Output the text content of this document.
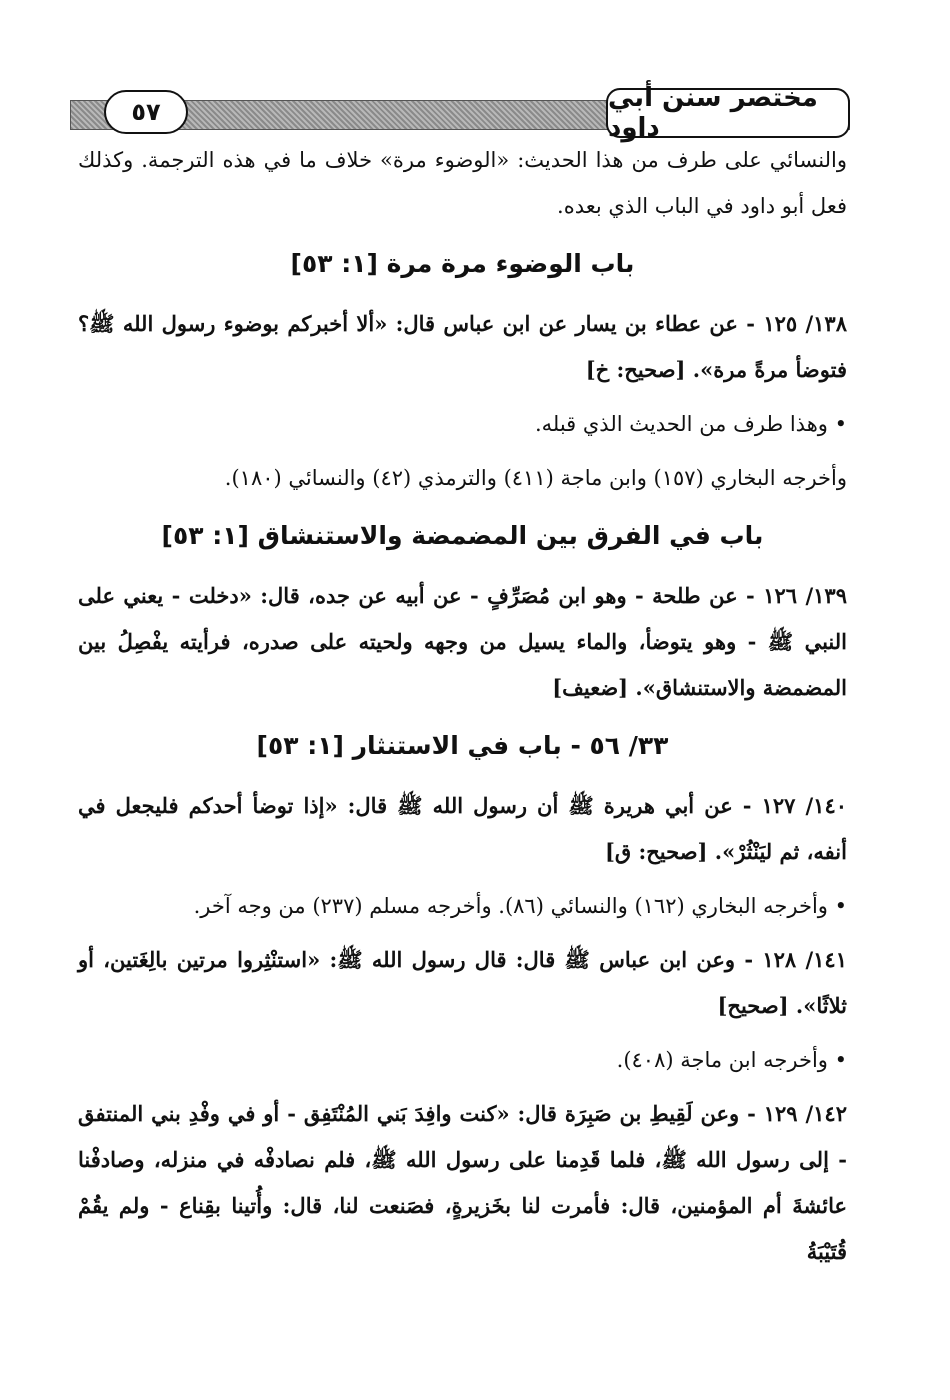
مختصر سنن أبي داود
٥٧

والنسائي على طرف من هذا الحديث: «الوضوء مرة» خلاف ما في هذه الترجمة. وكذلك فعل أبو داود في الباب الذي بعده.

باب الوضوء مرة مرة [١: ٥٣]

١٣٨/ ١٢٥ - عن عطاء بن يسار عن ابن عباس قال: «ألا أخبركم بوضوء رسول الله ﷺ؟ فتوضأ مرةً مرة». [صحيح: خ]

• وهذا طرف من الحديث الذي قبله.

وأخرجه البخاري (١٥٧) وابن ماجة (٤١١) والترمذي (٤٢) والنسائي (١٨٠).

باب في الفرق بين المضمضة والاستنشاق [١: ٥٣]

١٣٩/ ١٢٦ - عن طلحة - وهو ابن مُصَرِّفٍ - عن أبيه عن جده، قال: «دخلت - يعني على النبي ﷺ - وهو يتوضأ، والماء يسيل من وجهه ولحيته على صدره، فرأيته يفْصِلُ بين المضمضة والاستنشاق». [ضعيف]

٣٣/ ٥٦ - باب في الاستنثار [١: ٥٣]

١٤٠/ ١٢٧ - عن أبي هريرة ﷺ أن رسول الله ﷺ قال: «إذا توضأ أحدكم فليجعل في أنفه، ثم ليَنْثُرْ». [صحيح: ق]

• وأخرجه البخاري (١٦٢) والنسائي (٨٦). وأخرجه مسلم (٢٣٧) من وجه آخر.

١٤١/ ١٢٨ - وعن ابن عباس ﷺ قال: قال رسول الله ﷺ: «استنْثِروا مرتين بالِغَتين، أو ثلاثًا». [صحيح]

• وأخرجه ابن ماجة (٤٠٨).

١٤٢/ ١٢٩ - وعن لَقِيطِ بن صَبِرَة قال: «كنت وافِدَ بَني المُنْتَفِق - أو في وفْدِ بني المنتفق - إلى رسول الله ﷺ، فلما قَدِمنا على رسول الله ﷺ، فلم نصادفْه في منزله، وصادفْنا عائشةَ أم المؤمنين، قال: فأمرت لنا بخَزيرةٍ، فصَنعت لنا، قال: وأُتينا بقِناع - ولم يقُمْ قُتَيْبَةُ
